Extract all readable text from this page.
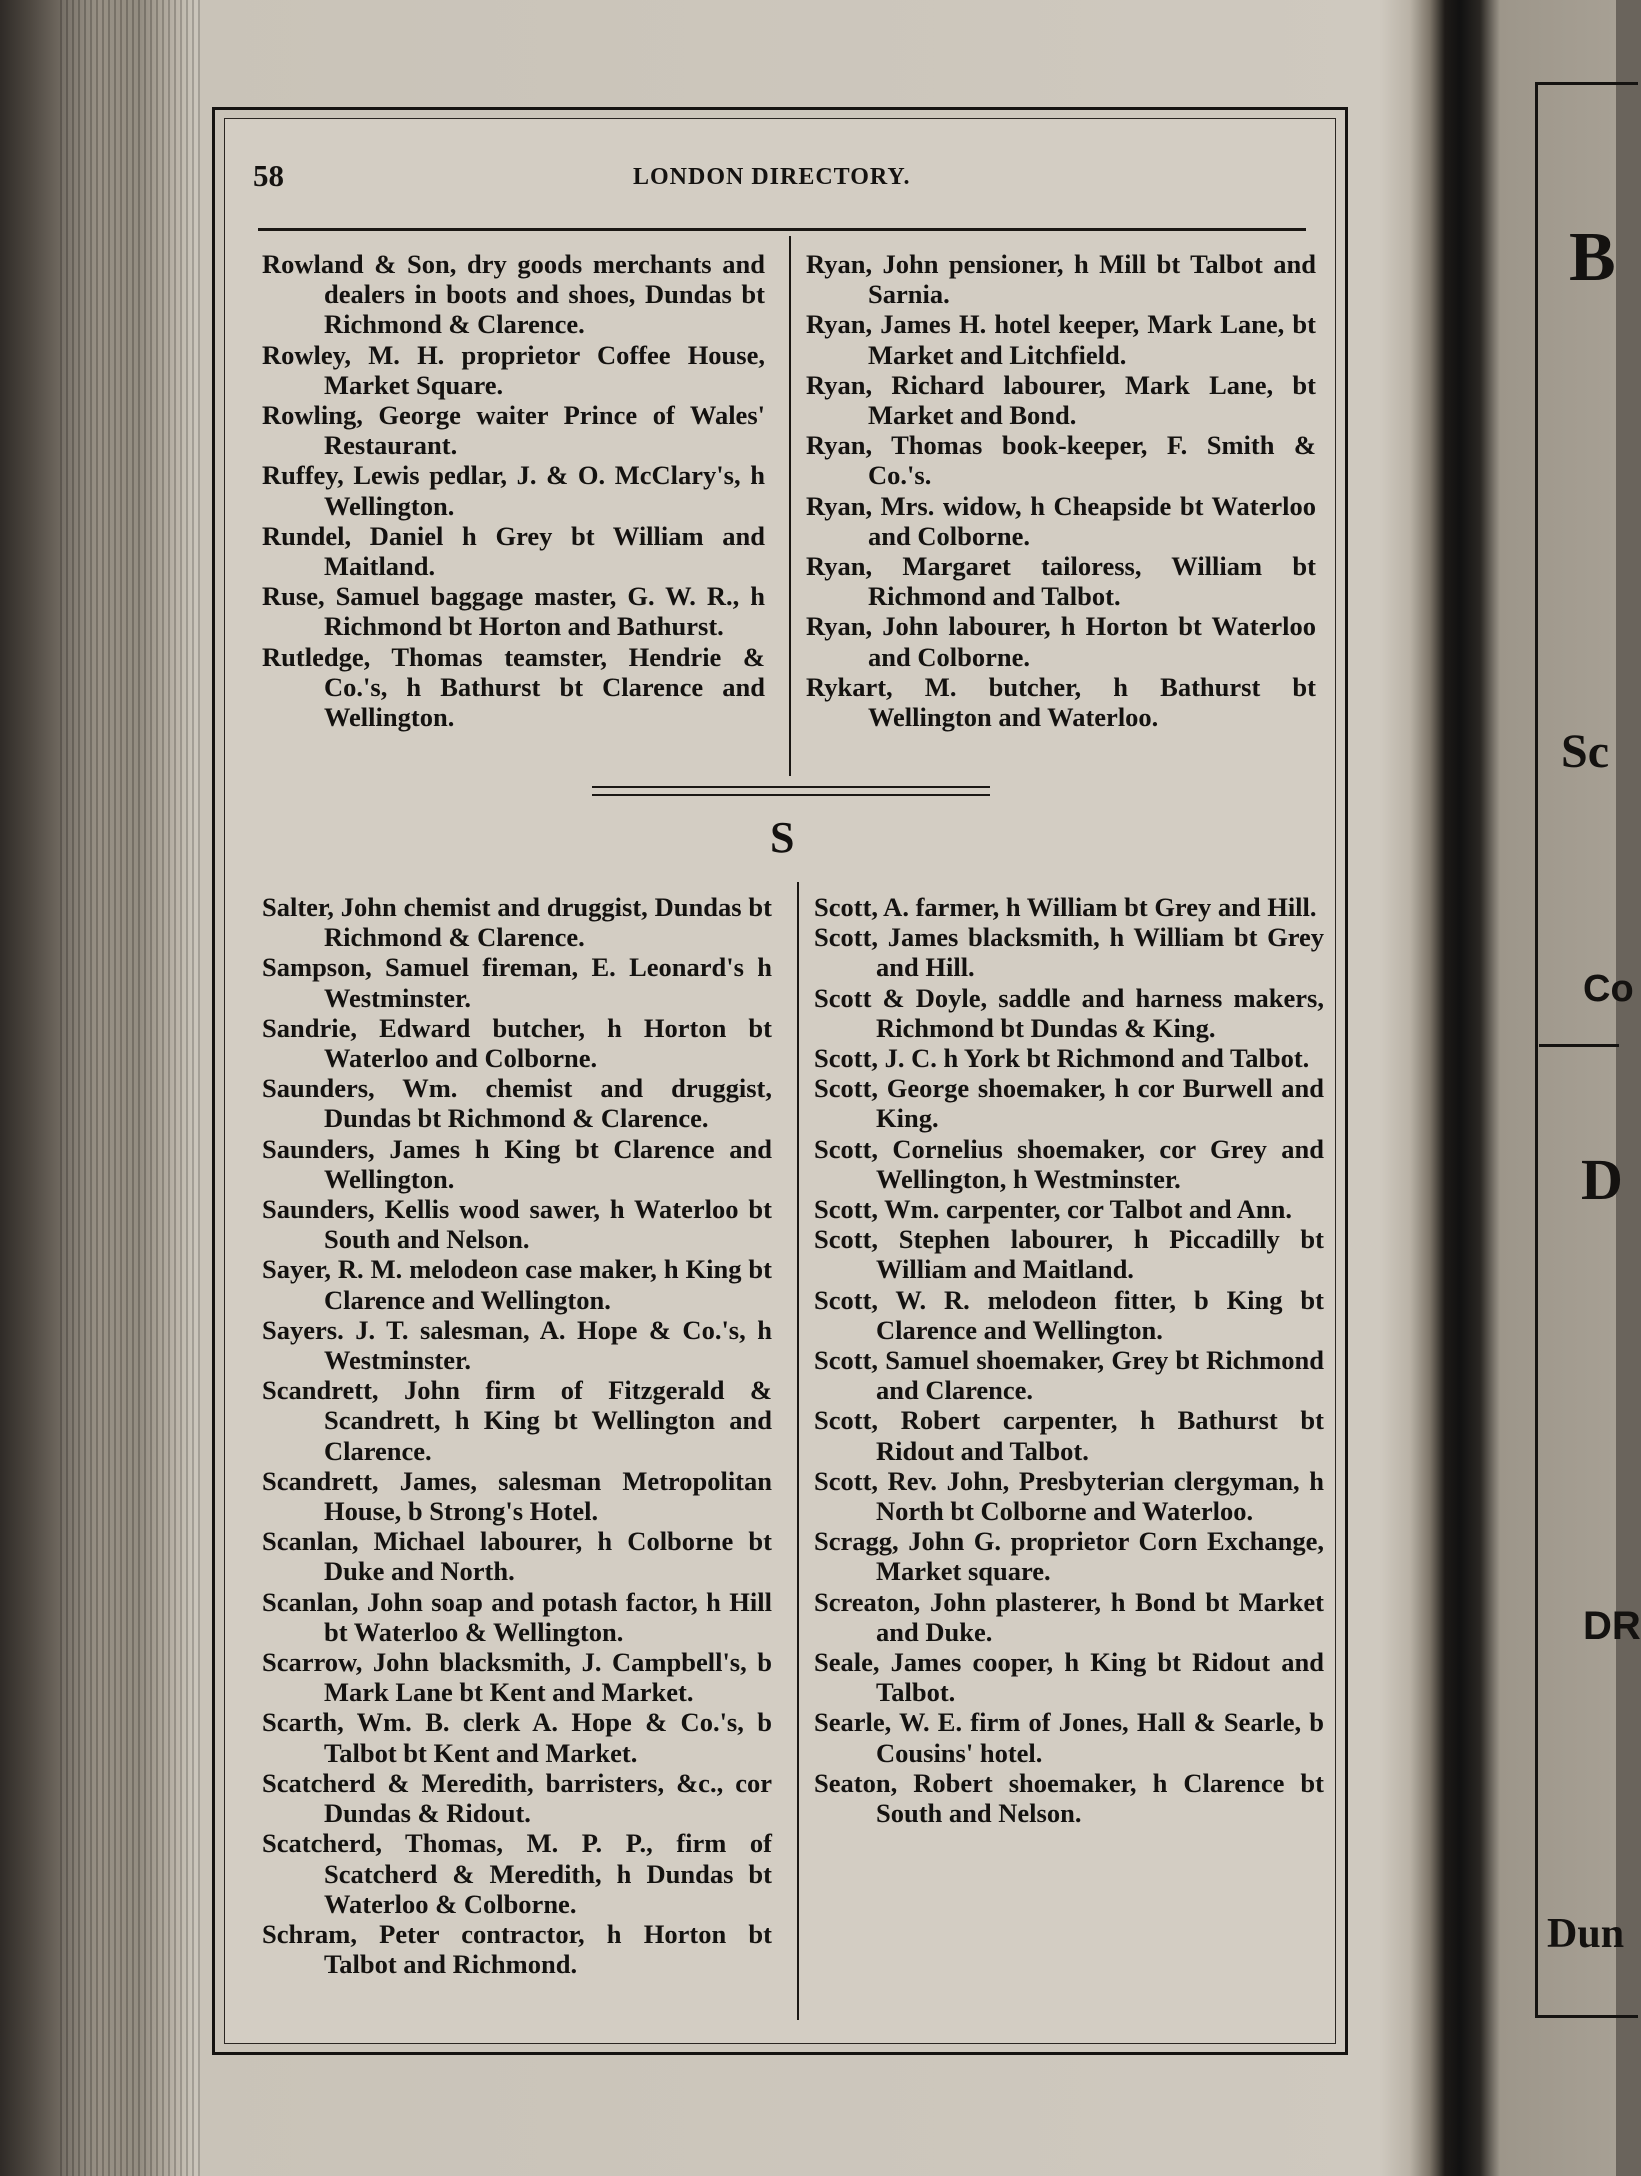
58	LONDON DIRECTORY.
Rowland & Son, dry goods merchants and dealers in boots and shoes, Dundas bt Richmond & Clarence.
Rowley, M. H. proprietor Coffee House, Market Square.
Rowling, George waiter Prince of Wales' Restaurant.
Ruffey, Lewis pedlar, J. & O. McClary's, h Wellington.
Rundel, Daniel h Grey bt William and Maitland.
Ruse, Samuel baggage master, G. W. R., h Richmond bt Horton and Bathurst.
Rutledge, Thomas teamster, Hendrie & Co.'s, h Bathurst bt Clarence and Wellington.
Ryan, John pensioner, h Mill bt Talbot and Sarnia.
Ryan, James H. hotel keeper, Mark Lane, bt Market and Litchfield.
Ryan, Richard labourer, Mark Lane, bt Market and Bond.
Ryan, Thomas book-keeper, F. Smith & Co.'s.
Ryan, Mrs. widow, h Cheapside bt Waterloo and Colborne.
Ryan, Margaret tailoress, William bt Richmond and Talbot.
Ryan, John labourer, h Horton bt Waterloo and Colborne.
Rykart, M. butcher, h Bathurst bt Wellington and Waterloo.
S
Salter, John chemist and druggist, Dundas bt Richmond & Clarence.
Sampson, Samuel fireman, E. Leonard's h Westminster.
Sandrie, Edward butcher, h Horton bt Waterloo and Colborne.
Saunders, Wm. chemist and druggist, Dundas bt Richmond & Clarence.
Saunders, James h King bt Clarence and Wellington.
Saunders, Kellis wood sawer, h Waterloo bt South and Nelson.
Sayer, R. M. melodeon case maker, h King bt Clarence and Wellington.
Sayers. J. T. salesman, A. Hope & Co.'s, h Westminster.
Scandrett, John firm of Fitzgerald & Scandrett, h King bt Wellington and Clarence.
Scandrett, James, salesman Metropolitan House, b Strong's Hotel.
Scanlan, Michael labourer, h Colborne bt Duke and North.
Scanlan, John soap and potash factor, h Hill bt Waterloo & Wellington.
Scarrow, John blacksmith, J. Campbell's, b Mark Lane bt Kent and Market.
Scarth, Wm. B. clerk A. Hope & Co.'s, b Talbot bt Kent and Market.
Scatcherd & Meredith, barristers, &c., cor Dundas & Ridout.
Scatcherd, Thomas, M. P. P., firm of Scatcherd & Meredith, h Dundas bt Waterloo & Colborne.
Schram, Peter contractor, h Horton bt Talbot and Richmond.
Scott, A. farmer, h William bt Grey and Hill.
Scott, James blacksmith, h William bt Grey and Hill.
Scott & Doyle, saddle and harness makers, Richmond bt Dundas & King.
Scott, J. C. h York bt Richmond and Talbot.
Scott, George shoemaker, h cor Burwell and King.
Scott, Cornelius shoemaker, cor Grey and Wellington, h Westminster.
Scott, Wm. carpenter, cor Talbot and Ann.
Scott, Stephen labourer, h Piccadilly bt William and Maitland.
Scott, W. R. melodeon fitter, b King bt Clarence and Wellington.
Scott, Samuel shoemaker, Grey bt Richmond and Clarence.
Scott, Robert carpenter, h Bathurst bt Ridout and Talbot.
Scott, Rev. John, Presbyterian clergyman, h North bt Colborne and Waterloo.
Scragg, John G. proprietor Corn Exchange, Market square.
Screaton, John plasterer, h Bond bt Market and Duke.
Seale, James cooper, h King bt Ridout and Talbot.
Searle, W. E. firm of Jones, Hall & Searle, b Cousins' hotel.
Seaton, Robert shoemaker, h Clarence bt South and Nelson.
B
Sc
Co
D
DR
Dun
